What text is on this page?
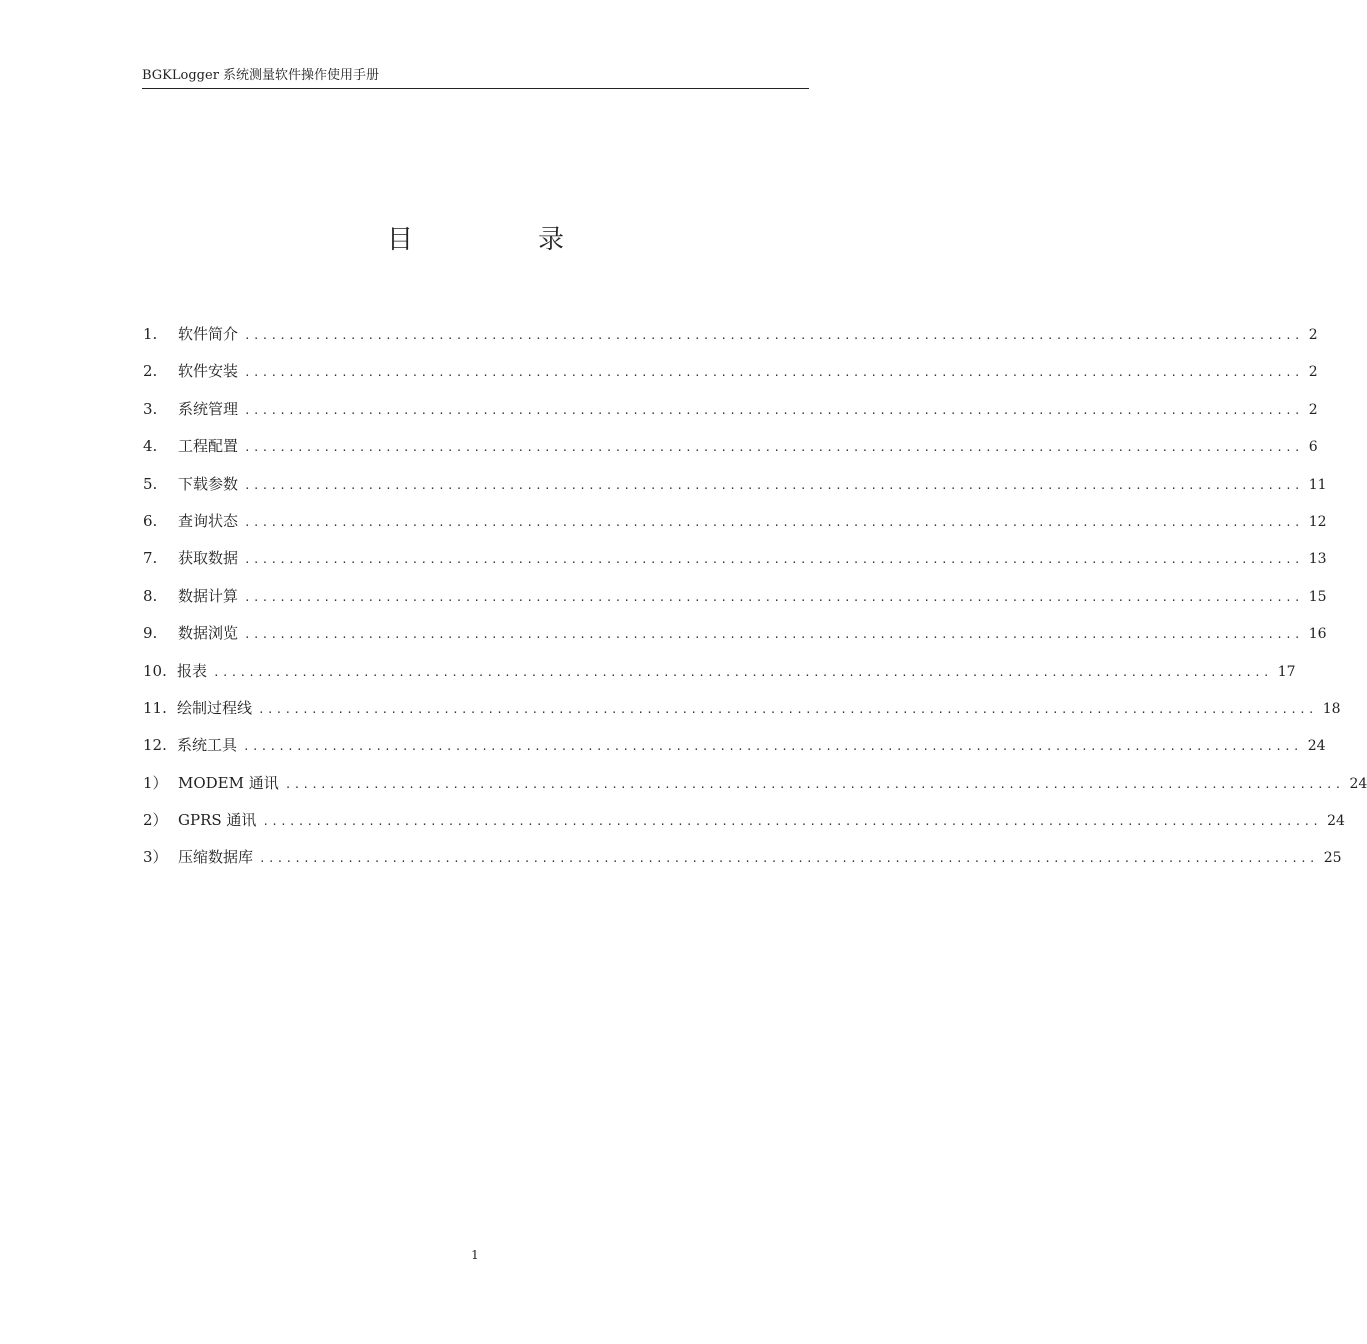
BGKLogger 系统测量软件操作使用手册
目	录
1.	软件简介 ........................................................................................................................ 2
2.	软件安装 ........................................................................................................................ 2
3.	系统管理 ........................................................................................................................ 2
4.	工程配置 ........................................................................................................................ 6
5.	下载参数 ........................................................................................................................ 11
6.	查询状态 ........................................................................................................................ 12
7.	获取数据 ........................................................................................................................ 13
8.	数据计算 ........................................................................................................................ 15
9.	数据浏览 ........................................................................................................................ 16
10. 报表 ........................................................................................................................ 17
11. 绘制过程线 ........................................................................................................................ 18
12. 系统工具 ........................................................................................................................ 24
1） MODEM 通讯 ........................................................................................................................ 24
2） GPRS 通讯 ........................................................................................................................ 24
3） 压缩数据库 ........................................................................................................................ 25
1
